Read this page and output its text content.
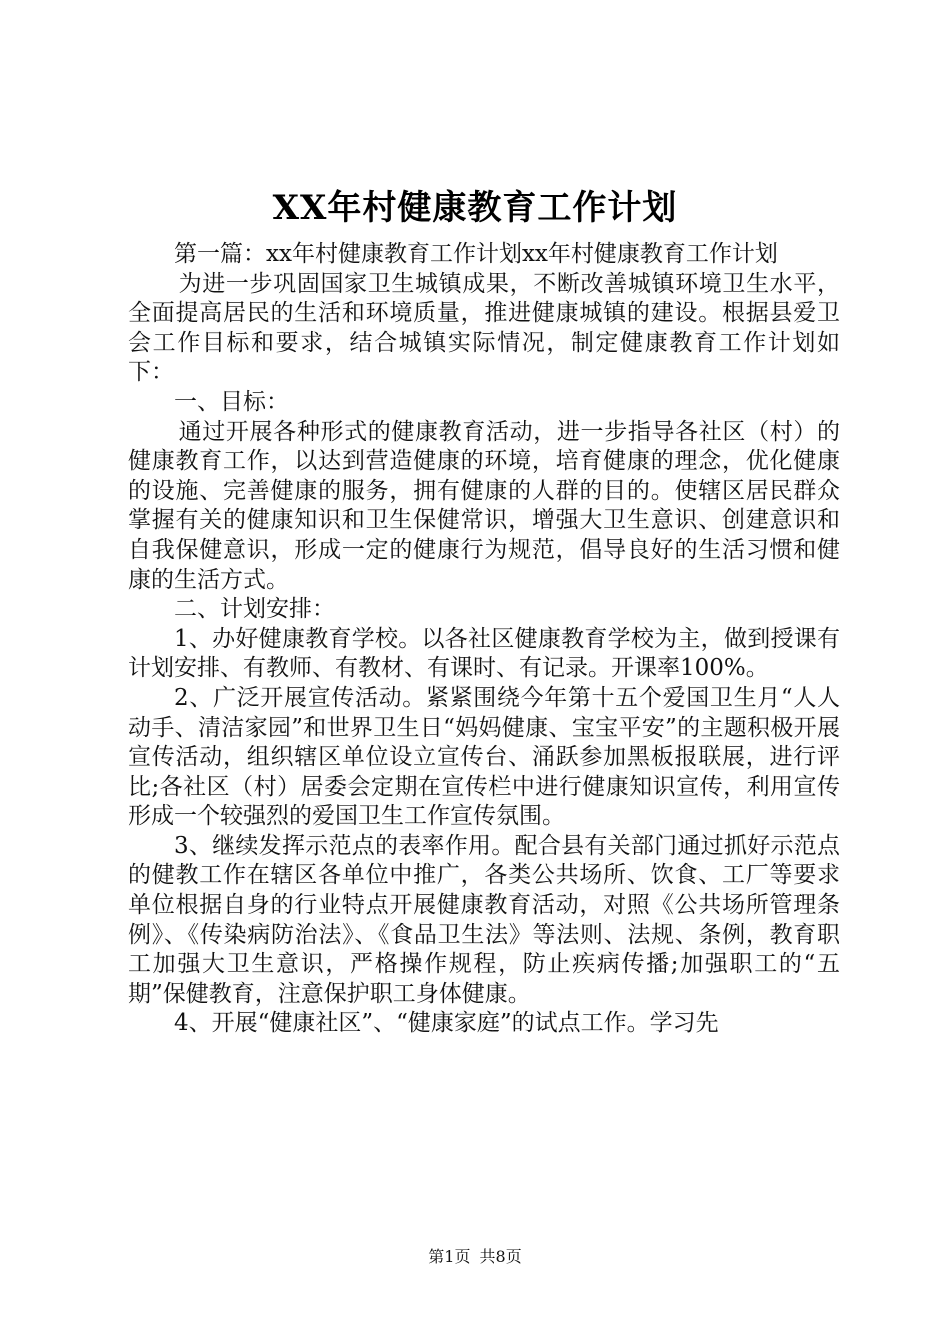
XX年村健康教育工作计划

第一篇：xx年村健康教育工作计划xx年村健康教育工作计划

为进一步巩固国家卫生城镇成果，不断改善城镇环境卫生水平，全面提高居民的生活和环境质量，推进健康城镇的建设。根据县爱卫会工作目标和要求，结合城镇实际情况，制定健康教育工作计划如下：

一、目标：

通过开展各种形式的健康教育活动，进一步指导各社区（村）的健康教育工作，以达到营造健康的环境，培育健康的理念，优化健康的设施、完善健康的服务，拥有健康的人群的目的。使辖区居民群众掌握有关的健康知识和卫生保健常识，增强大卫生意识、创建意识和自我保健意识，形成一定的健康行为规范，倡导良好的生活习惯和健康的生活方式。

二、计划安排：

1、办好健康教育学校。以各社区健康教育学校为主，做到授课有计划安排、有教师、有教材、有课时、有记录。开课率100%。

2、广泛开展宣传活动。紧紧围绕今年第十五个爱国卫生月“人人动手、清洁家园”和世界卫生日“妈妈健康、宝宝平安”的主题积极开展宣传活动，组织辖区单位设立宣传台、涌跃参加黑板报联展，进行评比;各社区（村）居委会定期在宣传栏中进行健康知识宣传，利用宣传形成一个较强烈的爱国卫生工作宣传氛围。

3、继续发挥示范点的表率作用。配合县有关部门通过抓好示范点的健教工作在辖区各单位中推广，各类公共场所、饮食、工厂等要求单位根据自身的行业特点开展健康教育活动，对照《公共场所管理条例》、《传染病防治法》、《食品卫生法》等法则、法规、条例，教育职工加强大卫生意识，严格操作规程，防止疾病传播;加强职工的“五期”保健教育，注意保护职工身体健康。

4、开展“健康社区”、“健康家庭”的试点工作。学习先

第1页 共8页
